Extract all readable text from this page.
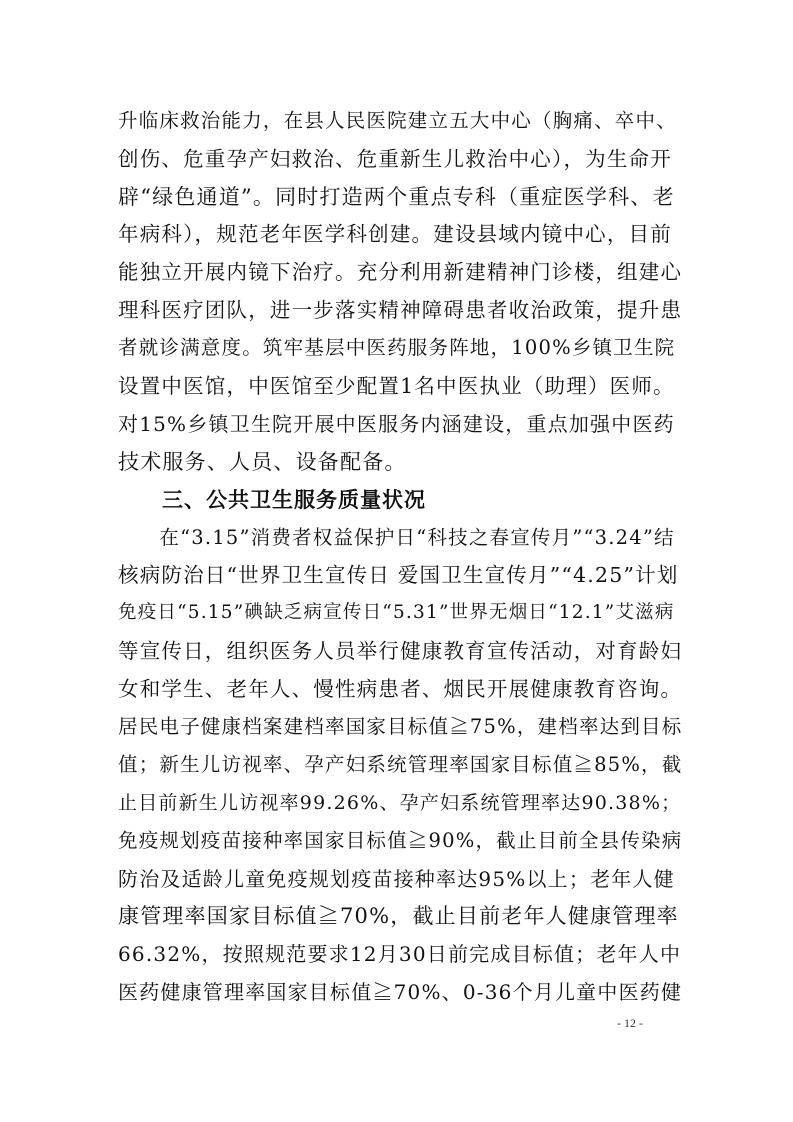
升临床救治能力，在县人民医院建立五大中心（胸痛、卒中、
创伤、危重孕产妇救治、危重新生儿救治中心），为生命开
辟“绿色通道”。同时打造两个重点专科（重症医学科、老
年病科），规范老年医学科创建。建设县域内镜中心，目前
能独立开展内镜下治疗。充分利用新建精神门诊楼，组建心
理科医疗团队，进一步落实精神障碍患者收治政策，提升患
者就诊满意度。筑牢基层中医药服务阵地，100%乡镇卫生院
设置中医馆，中医馆至少配置1名中医执业（助理）医师。
对15%乡镇卫生院开展中医服务内涵建设，重点加强中医药
技术服务、人员、设备配备。
　　三、公共卫生服务质量状况
　　在“3.15”消费者权益保护日“科技之春宣传月”“3.24”结
核病防治日“世界卫生宣传日 爱国卫生宣传月”“4.25”计划
免疫日“5.15”碘缺乏病宣传日“5.31”世界无烟日“12.1”艾滋病
等宣传日，组织医务人员举行健康教育宣传活动，对育龄妇
女和学生、老年人、慢性病患者、烟民开展健康教育咨询。
居民电子健康档案建档率国家目标值≧75%，建档率达到目标
值；新生儿访视率、孕产妇系统管理率国家目标值≧85%，截
止目前新生儿访视率99.26%、孕产妇系统管理率达90.38%；
免疫规划疫苗接种率国家目标值≧90%，截止目前全县传染病
防治及适龄儿童免疫规划疫苗接种率达95%以上；老年人健
康管理率国家目标值≧70%，截止目前老年人健康管理率
66.32%，按照规范要求12月30日前完成目标值；老年人中
医药健康管理率国家目标值≧70%、0-36个月儿童中医药健
- 12 -
